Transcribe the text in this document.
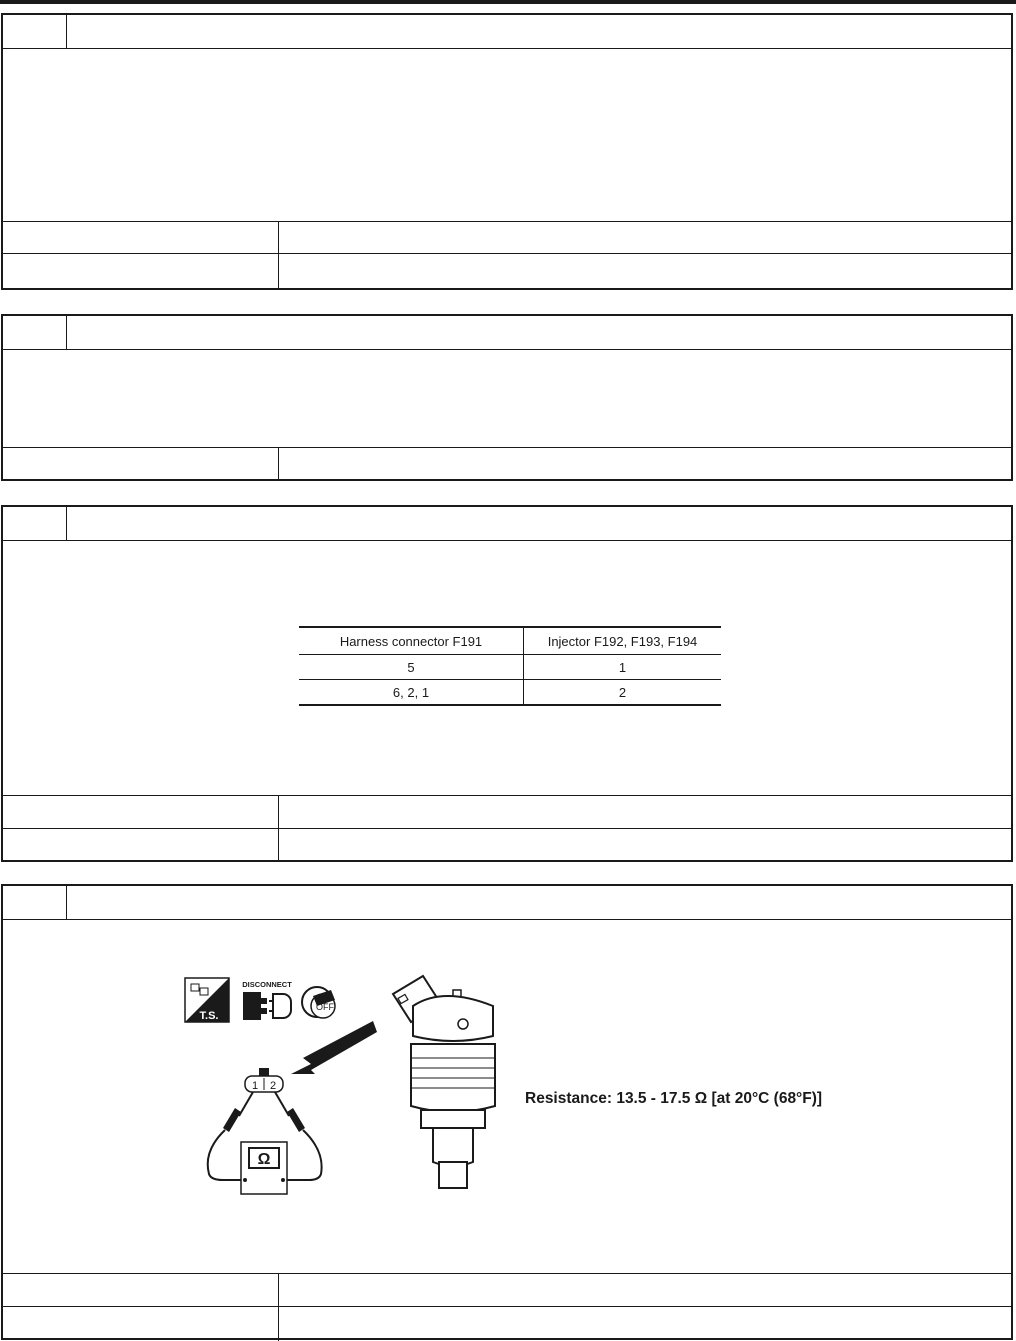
Harness connector F191	Injector F192, F193, F194
5	1
6, 2, 1	2
T.S.
DISCONNECT
OFF
1 2
Ω
Resistance: 13.5 - 17.5 Ω [at 20°C (68°F)]
